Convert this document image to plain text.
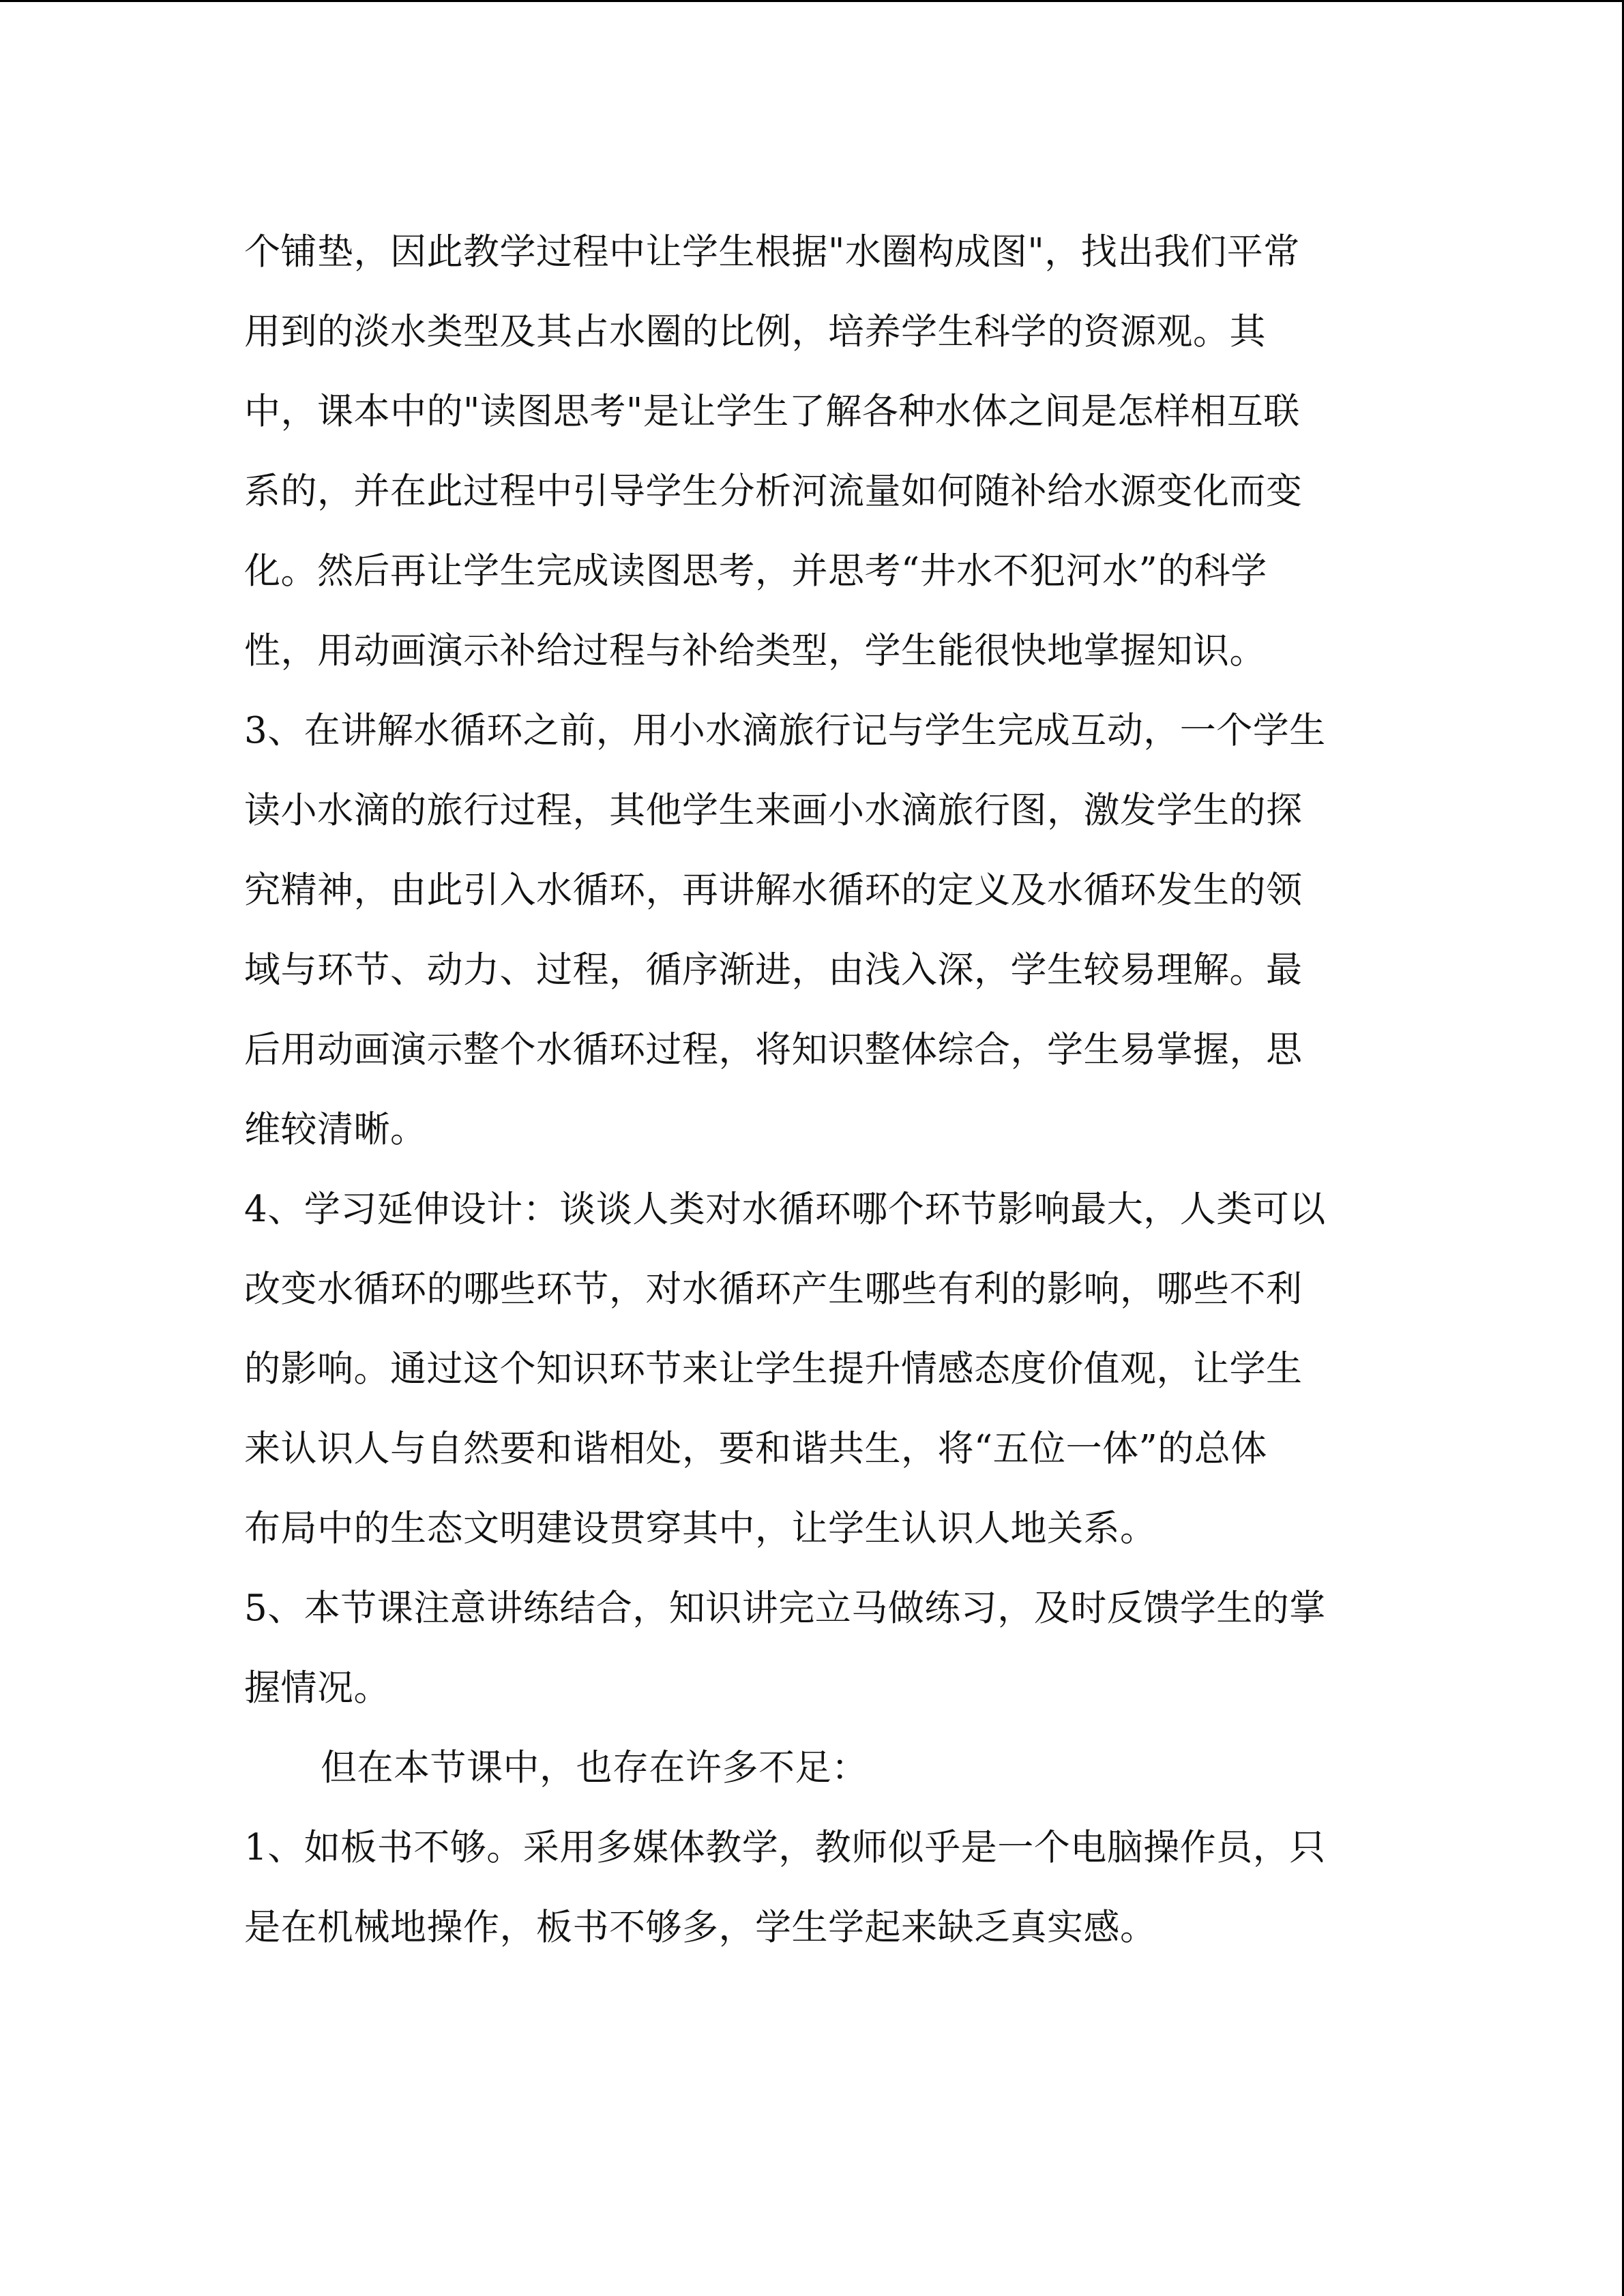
个铺垫，因此教学过程中让学生根据"水圈构成图"，找出我们平常
用到的淡水类型及其占水圈的比例，培养学生科学的资源观。其
中，课本中的"读图思考"是让学生了解各种水体之间是怎样相互联
系的，并在此过程中引导学生分析河流量如何随补给水源变化而变
化。然后再让学生完成读图思考，并思考“井水不犯河水”的科学
性，用动画演示补给过程与补给类型，学生能很快地掌握知识。
3、在讲解水循环之前，用小水滴旅行记与学生完成互动，一个学生
读小水滴的旅行过程，其他学生来画小水滴旅行图，激发学生的探
究精神，由此引入水循环，再讲解水循环的定义及水循环发生的领
域与环节、动力、过程，循序渐进，由浅入深，学生较易理解。最
后用动画演示整个水循环过程，将知识整体综合，学生易掌握，思
维较清晰。
4、学习延伸设计：谈谈人类对水循环哪个环节影响最大，人类可以
改变水循环的哪些环节，对水循环产生哪些有利的影响，哪些不利
的影响。通过这个知识环节来让学生提升情感态度价值观，让学生
来认识人与自然要和谐相处，要和谐共生，将“五位一体”的总体
布局中的生态文明建设贯穿其中，让学生认识人地关系。
5、本节课注意讲练结合，知识讲完立马做练习，及时反馈学生的掌
握情况。
但在本节课中，也存在许多不足：
1、如板书不够。采用多媒体教学，教师似乎是一个电脑操作员，只
是在机械地操作，板书不够多，学生学起来缺乏真实感。
